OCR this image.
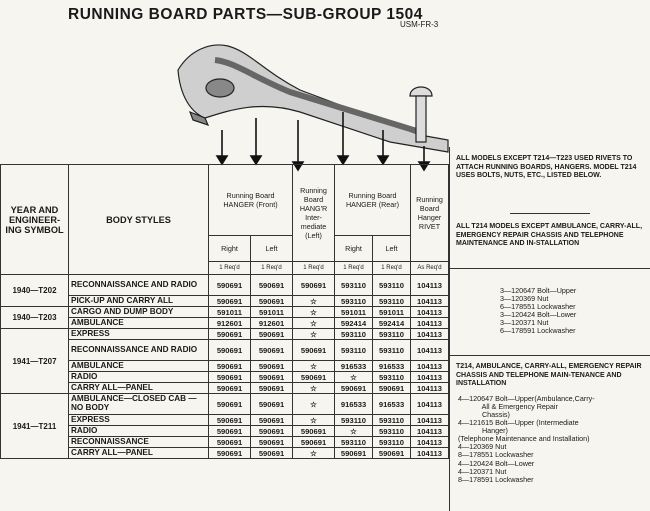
RUNNING BOARD PARTS—SUB-GROUP 1504
USM-FR-3
YEAR AND ENGINEER-ING SYMBOL	BODY STYLES	Running Board HANGER (Front)		Running Board HANG'R Inter-mediate (Left)	Running Board HANGER (Rear)		Running Board Hanger RIVET
		Right	Left		Right	Left	
		1 Req'd	1 Req'd	1 Req'd	1 Req'd	1 Req'd	As Req'd
1940—T202	RECONNAISSANCE AND RADIO	590691	590691	590691	593110	593110	104113
	PICK-UP AND CARRY ALL	590691	590691	☆	593110	593110	104113
1940—T203	CARGO AND DUMP BODY	591011	591011	☆	591011	591011	104113
	AMBULANCE	912601	912601	☆	592414	592414	104113
1941—T207	EXPRESS	590691	590691	☆	593110	593110	104113
	RECONNAISSANCE AND RADIO	590691	590691	590691	593110	593110	104113
	AMBULANCE	590691	590691	☆	916533	916533	104113
	RADIO	590691	590691	590691	☆	593110	104113
	CARRY ALL—PANEL	590691	590691	☆	590691	590691	104113
1941—T211	AMBULANCE—CLOSED CAB —NO BODY	590691	590691	☆	916533	916533	104113
	EXPRESS	590691	590691	☆	593110	593110	104113
	RADIO	590691	590691	590691	☆	593110	104113
	RECONNAISSANCE	590691	590691	590691	593110	593110	104113
	CARRY ALL—PANEL	590691	590691	☆	590691	590691	104113
ALL MODELS EXCEPT T214—T223 USED RIVETS TO ATTACH RUNNING BOARDS, HANGERS. MODEL T214 USES BOLTS, NUTS, ETC., LISTED BELOW.
ALL T214 MODELS EXCEPT AMBULANCE, CARRY-ALL, EMERGENCY REPAIR CHASSIS AND TELEPHONE MAINTENANCE AND IN-STALLATION
3—120647 Bolt—Upper
3—120369 Nut
6—178551 Lockwasher
3—120424 Bolt—Lower
3—120371 Nut
6—178591 Lockwasher
T214, AMBULANCE, CARRY-ALL, EMERGENCY REPAIR CHASSIS AND TELEPHONE MAIN-TENANCE AND INSTALLATION
4—120647 Bolt—Upper(Ambulance,Carry-
All & Emergency Repair
Chassis)
4—121615 Bolt—Upper (Intermediate
Hanger)
(Telephone Maintenance and Installation)
4—120369 Nut
8—178551 Lockwasher
4—120424 Bolt—Lower
4—120371 Nut
8—178591 Lockwasher
